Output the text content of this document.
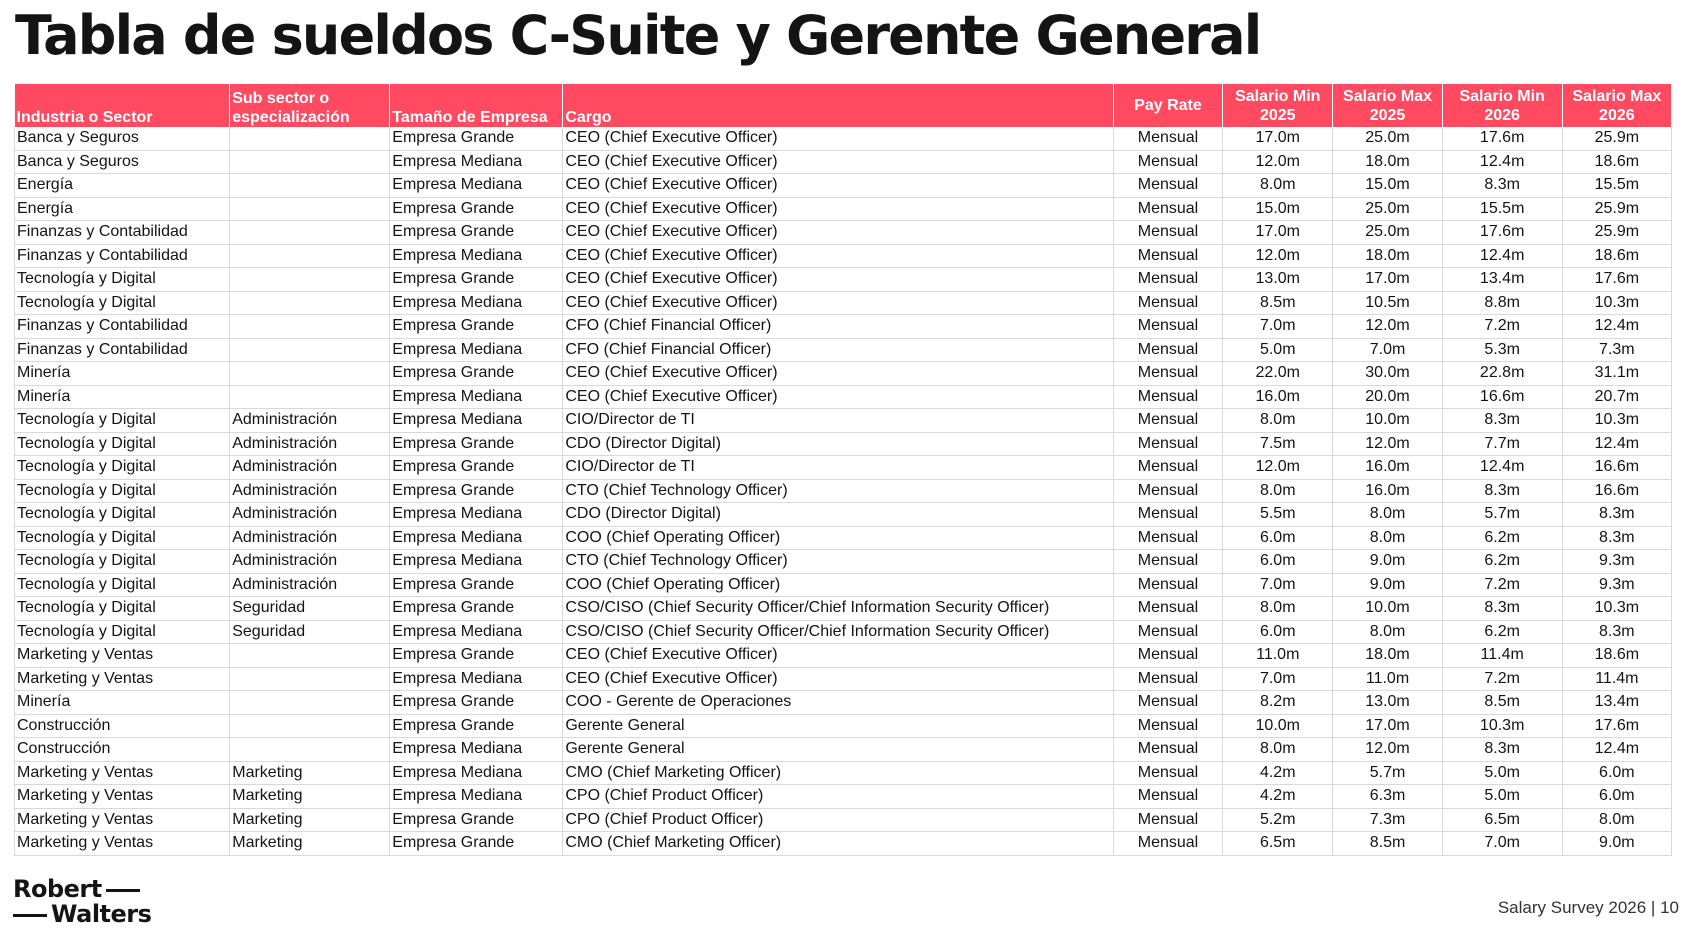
Tabla de sueldos C-Suite y Gerente General
Industria o Sector	Sub sector o especialización	Tamaño de Empresa	Cargo	Pay Rate	Salario Min 2025	Salario Max 2025	Salario Min 2026	Salario Max 2026
Banca y Seguros		Empresa Grande	CEO (Chief Executive Officer)	Mensual	17.0m	25.0m	17.6m	25.9m
Banca y Seguros		Empresa Mediana	CEO (Chief Executive Officer)	Mensual	12.0m	18.0m	12.4m	18.6m
Energía		Empresa Mediana	CEO (Chief Executive Officer)	Mensual	8.0m	15.0m	8.3m	15.5m
Energía		Empresa Grande	CEO (Chief Executive Officer)	Mensual	15.0m	25.0m	15.5m	25.9m
Finanzas y Contabilidad		Empresa Grande	CEO (Chief Executive Officer)	Mensual	17.0m	25.0m	17.6m	25.9m
Finanzas y Contabilidad		Empresa Mediana	CEO (Chief Executive Officer)	Mensual	12.0m	18.0m	12.4m	18.6m
Tecnología y Digital		Empresa Grande	CEO (Chief Executive Officer)	Mensual	13.0m	17.0m	13.4m	17.6m
Tecnología y Digital		Empresa Mediana	CEO (Chief Executive Officer)	Mensual	8.5m	10.5m	8.8m	10.3m
Finanzas y Contabilidad		Empresa Grande	CFO (Chief Financial Officer)	Mensual	7.0m	12.0m	7.2m	12.4m
Finanzas y Contabilidad		Empresa Mediana	CFO (Chief Financial Officer)	Mensual	5.0m	7.0m	5.3m	7.3m
Minería		Empresa Grande	CEO (Chief Executive Officer)	Mensual	22.0m	30.0m	22.8m	31.1m
Minería		Empresa Mediana	CEO (Chief Executive Officer)	Mensual	16.0m	20.0m	16.6m	20.7m
Tecnología y Digital	Administración	Empresa Mediana	CIO/Director de TI	Mensual	8.0m	10.0m	8.3m	10.3m
Tecnología y Digital	Administración	Empresa Grande	CDO (Director Digital)	Mensual	7.5m	12.0m	7.7m	12.4m
Tecnología y Digital	Administración	Empresa Grande	CIO/Director de TI	Mensual	12.0m	16.0m	12.4m	16.6m
Tecnología y Digital	Administración	Empresa Grande	CTO (Chief Technology Officer)	Mensual	8.0m	16.0m	8.3m	16.6m
Tecnología y Digital	Administración	Empresa Mediana	CDO (Director Digital)	Mensual	5.5m	8.0m	5.7m	8.3m
Tecnología y Digital	Administración	Empresa Mediana	COO (Chief Operating Officer)	Mensual	6.0m	8.0m	6.2m	8.3m
Tecnología y Digital	Administración	Empresa Mediana	CTO (Chief Technology Officer)	Mensual	6.0m	9.0m	6.2m	9.3m
Tecnología y Digital	Administración	Empresa Grande	COO (Chief Operating Officer)	Mensual	7.0m	9.0m	7.2m	9.3m
Tecnología y Digital	Seguridad	Empresa Grande	CSO/CISO (Chief Security Officer/Chief Information Security Officer)	Mensual	8.0m	10.0m	8.3m	10.3m
Tecnología y Digital	Seguridad	Empresa Mediana	CSO/CISO (Chief Security Officer/Chief Information Security Officer)	Mensual	6.0m	8.0m	6.2m	8.3m
Marketing y Ventas		Empresa Grande	CEO (Chief Executive Officer)	Mensual	11.0m	18.0m	11.4m	18.6m
Marketing y Ventas		Empresa Mediana	CEO (Chief Executive Officer)	Mensual	7.0m	11.0m	7.2m	11.4m
Minería		Empresa Grande	COO - Gerente de Operaciones	Mensual	8.2m	13.0m	8.5m	13.4m
Construcción		Empresa Grande	Gerente General	Mensual	10.0m	17.0m	10.3m	17.6m
Construcción		Empresa Mediana	Gerente General	Mensual	8.0m	12.0m	8.3m	12.4m
Marketing y Ventas	Marketing	Empresa Mediana	CMO (Chief Marketing Officer)	Mensual	4.2m	5.7m	5.0m	6.0m
Marketing y Ventas	Marketing	Empresa Mediana	CPO (Chief Product Officer)	Mensual	4.2m	6.3m	5.0m	6.0m
Marketing y Ventas	Marketing	Empresa Grande	CPO (Chief Product Officer)	Mensual	5.2m	7.3m	6.5m	8.0m
Marketing y Ventas	Marketing	Empresa Grande	CMO (Chief Marketing Officer)	Mensual	6.5m	8.5m	7.0m	9.0m
Robert
Walters	Salary Survey 2026 | 10
